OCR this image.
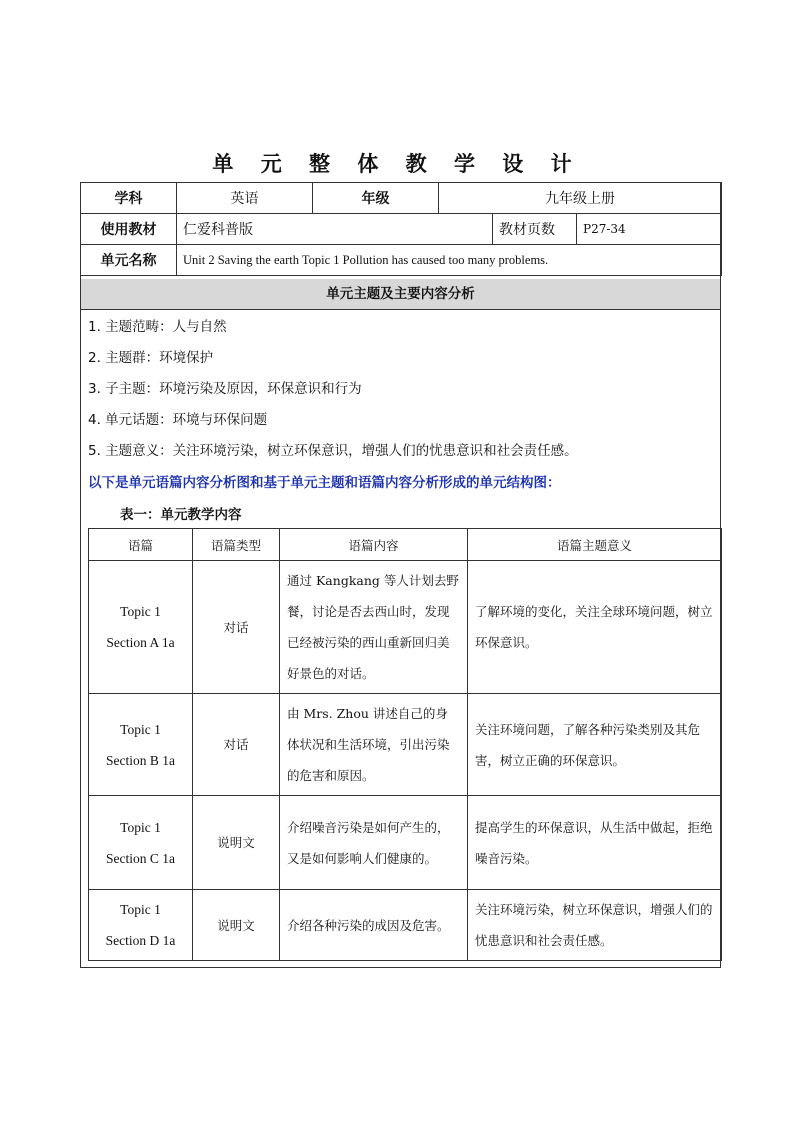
单 元 整 体 教 学 设 计
学科	英语	年级	九年级上册		
使用教材	仁爱科普版			教材页数	P27-34
单元名称	Unit 2 Saving the earth Topic 1 Pollution has caused too many problems.				
单元主题及主要内容分析
1. 主题范畴：人与自然
2. 主题群：环境保护
3. 子主题：环境污染及原因，环保意识和行为
4. 单元话题：环境与环保问题
5. 主题意义：关注环境污染，树立环保意识，增强人们的忧患意识和社会责任感。
以下是单元语篇内容分析图和基于单元主题和语篇内容分析形成的单元结构图：
表一：单元教学内容
语篇	语篇类型	语篇内容	语篇主题意义

Topic 1
Section A 1a	对话	通过 Kangkang 等人计划去野餐，讨论是否去西山时，发现已经被污染的西山重新回归美好景色的对话。	了解环境的变化，关注全球环境问题，树立环保意识。

Topic 1
Section B 1a	对话	由 Mrs. Zhou 讲述自己的身体状况和生活环境，引出污染的危害和原因。	关注环境问题，了解各种污染类别及其危害，树立正确的环保意识。

Topic 1
Section C 1a	说明文	介绍噪音污染是如何产生的，又是如何影响人们健康的。	提高学生的环保意识，从生活中做起，拒绝噪音污染。

Topic 1
Section D 1a	说明文	介绍各种污染的成因及危害。	关注环境污染，树立环保意识，增强人们的忧患意识和社会责任感。
